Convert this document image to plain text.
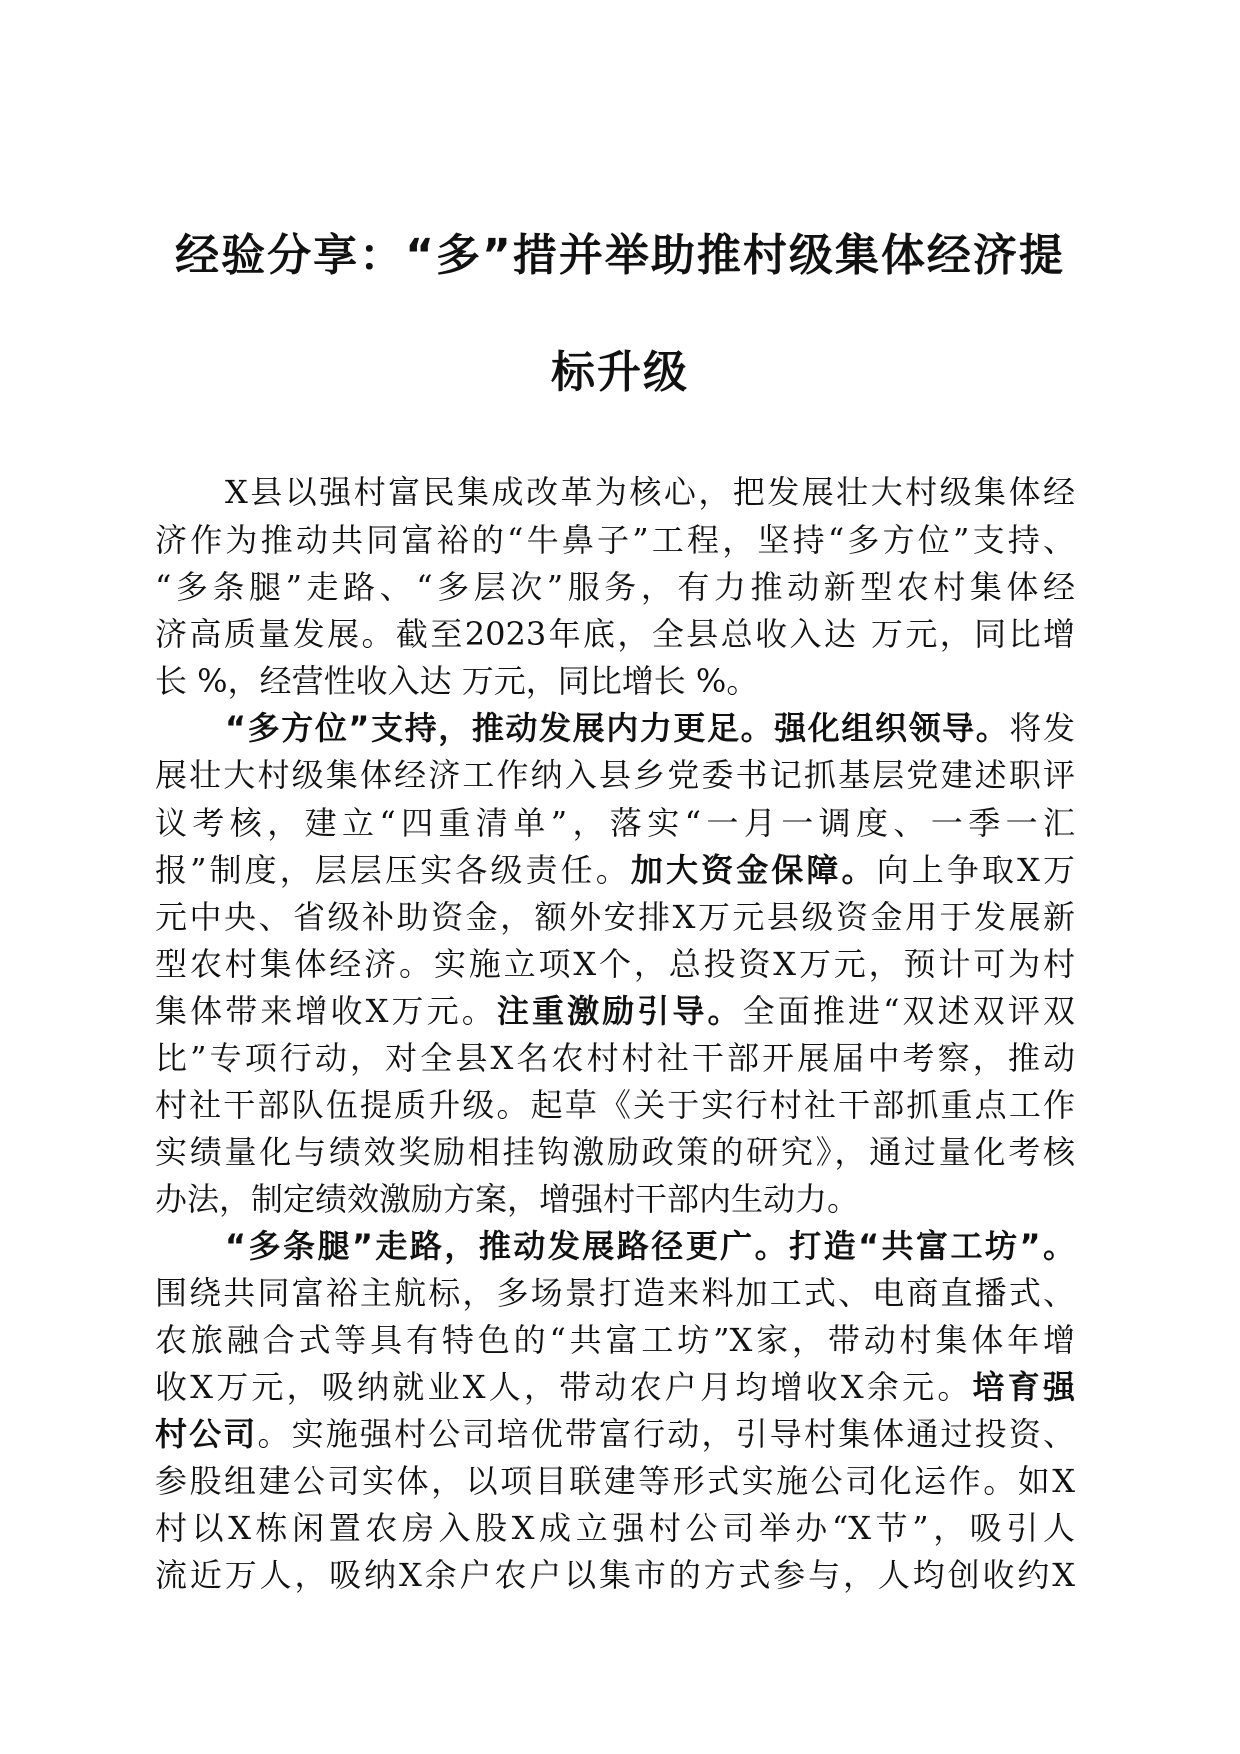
经验分享：“多”措并举助推村级集体经济提
标升级
X县以强村富民集成改革为核心，把发展壮大村级集体经
济作为推动共同富裕的“牛鼻子”工程，坚持“多方位”支持、
“多条腿”走路、“多层次”服务，有力推动新型农村集体经
济高质量发展。截至2023年底，全县总收入达 万元，同比增
长 %，经营性收入达 万元，同比增长 %。
“多方位”支持，推动发展内力更足。强化组织领导。将发
展壮大村级集体经济工作纳入县乡党委书记抓基层党建述职评
议考核，建立“四重清单”，落实“一月一调度、一季一汇
报”制度，层层压实各级责任。加大资金保障。向上争取X万
元中央、省级补助资金，额外安排X万元县级资金用于发展新
型农村集体经济。实施立项X个，总投资X万元，预计可为村
集体带来增收X万元。注重激励引导。全面推进“双述双评双
比”专项行动，对全县X名农村村社干部开展届中考察，推动
村社干部队伍提质升级。起草《关于实行村社干部抓重点工作
实绩量化与绩效奖励相挂钩激励政策的研究》，通过量化考核
办法，制定绩效激励方案，增强村干部内生动力。
“多条腿”走路，推动发展路径更广。打造“共富工坊”。
围绕共同富裕主航标，多场景打造来料加工式、电商直播式、
农旅融合式等具有特色的“共富工坊”X家，带动村集体年增
收X万元，吸纳就业X人，带动农户月均增收X余元。培育强
村公司。实施强村公司培优带富行动，引导村集体通过投资、
参股组建公司实体，以项目联建等形式实施公司化运作。如X
村以X栋闲置农房入股X成立强村公司举办“X节”，吸引人
流近万人，吸纳X余户农户以集市的方式参与，人均创收约X
